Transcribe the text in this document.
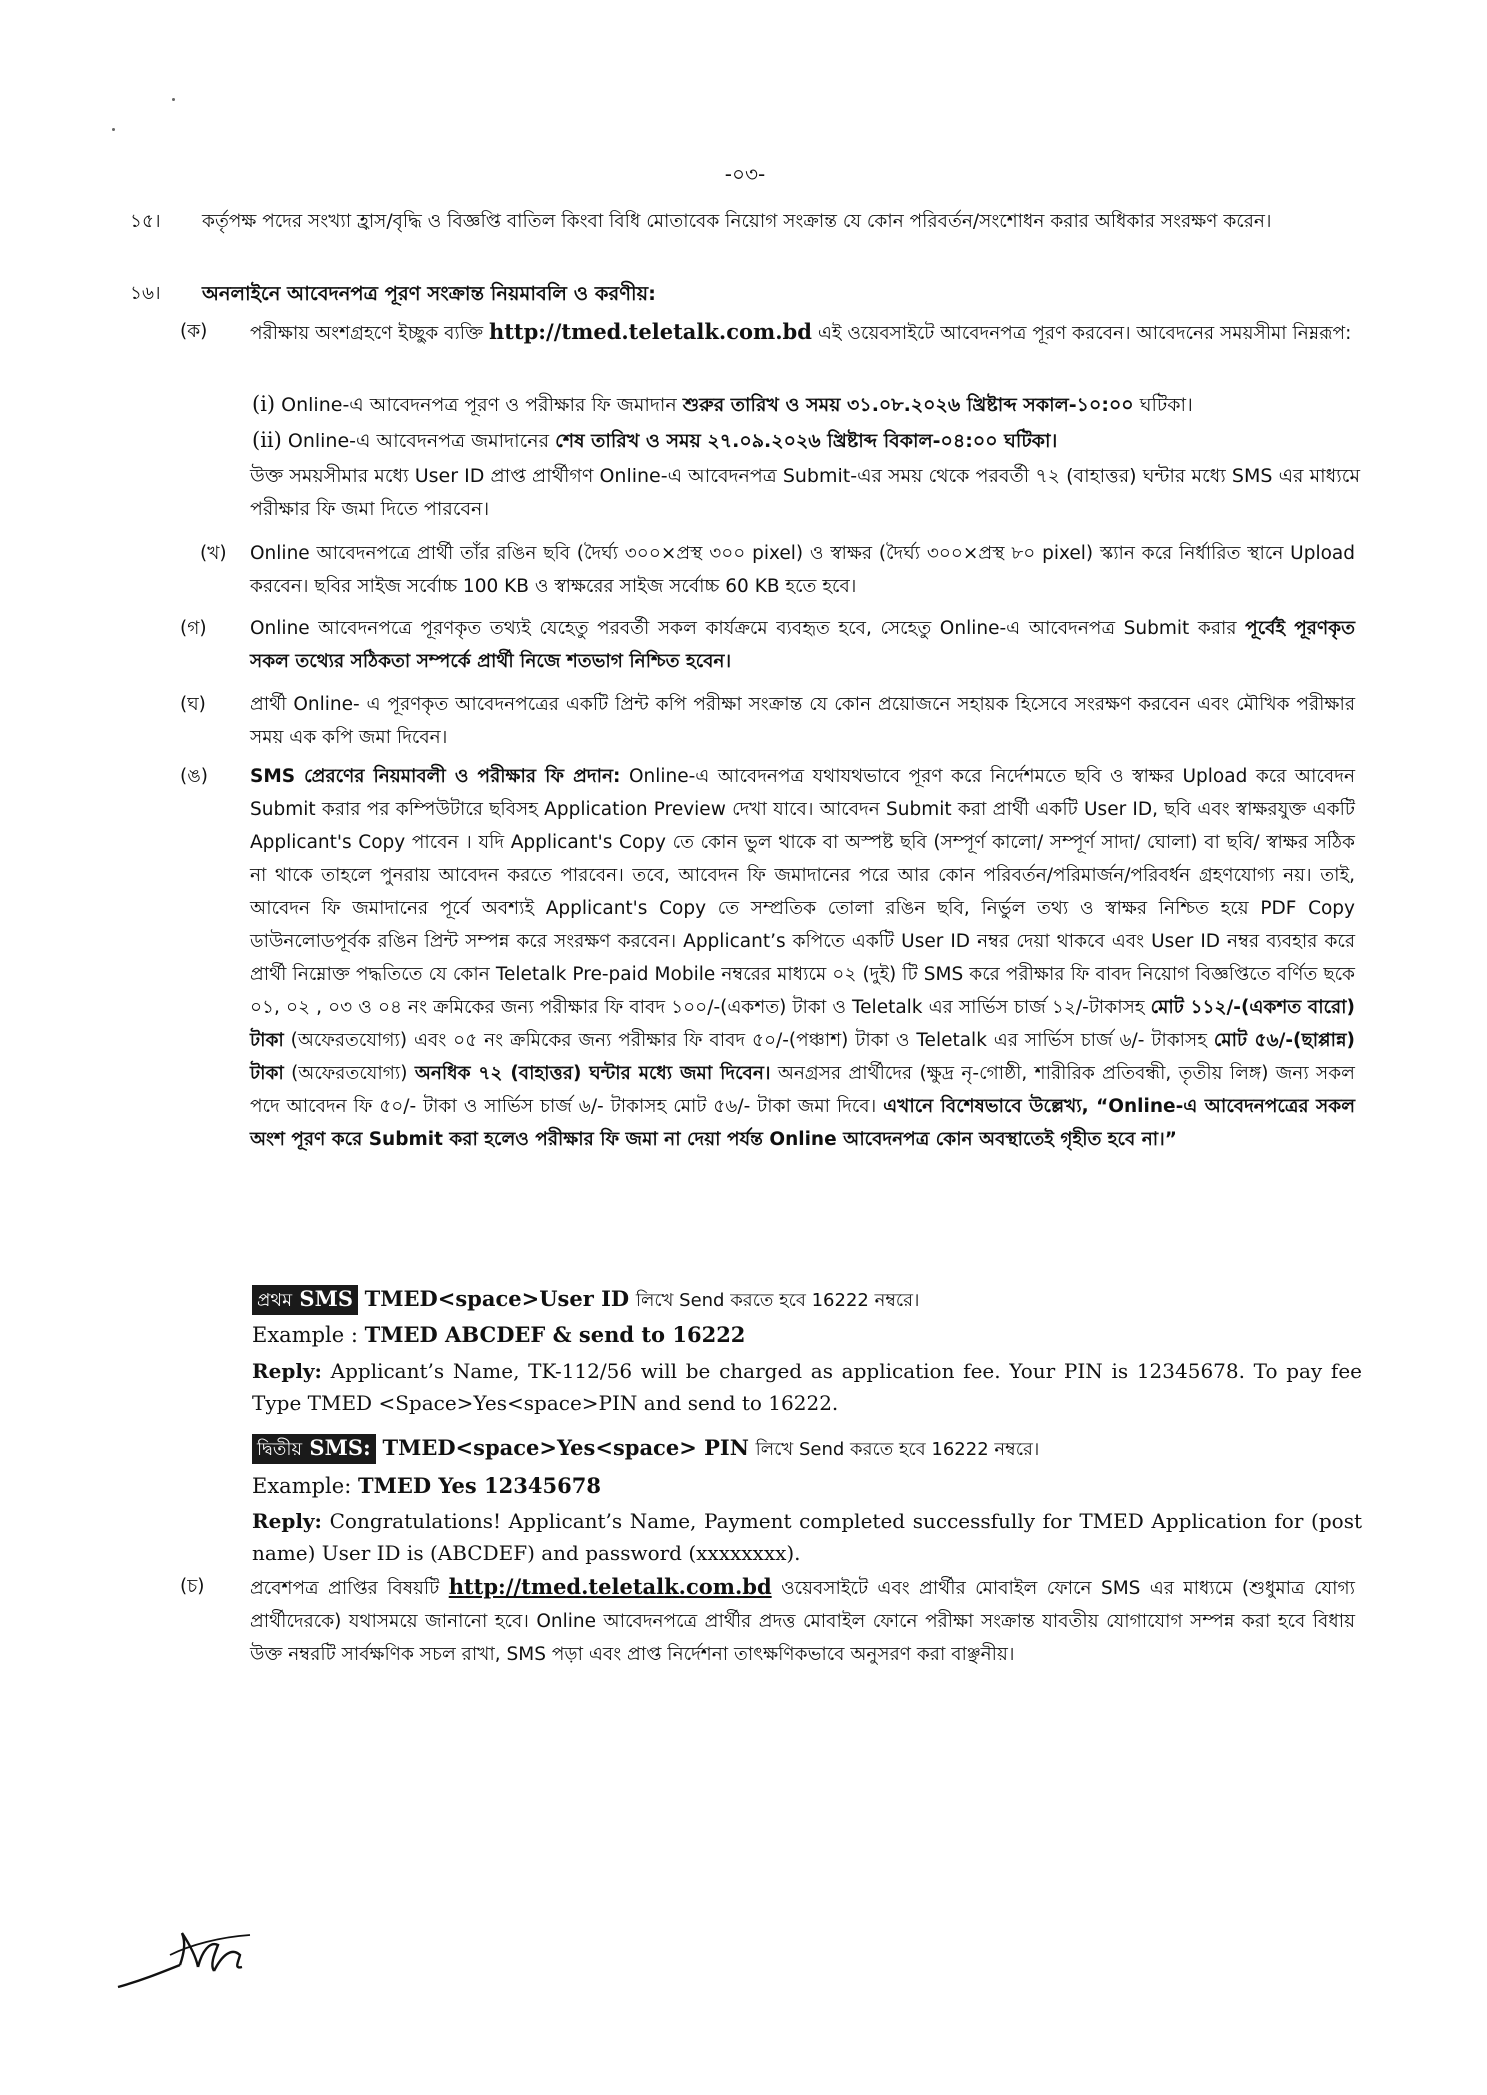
-০৩-
১৫।	কর্তৃপক্ষ পদের সংখ্যা হ্রাস/বৃদ্ধি ও বিজ্ঞপ্তি বাতিল কিংবা বিধি মোতাবেক নিয়োগ সংক্রান্ত যে কোন পরিবর্তন/সংশোধন করার অধিকার সংরক্ষণ করেন।
১৬।	অনলাইনে আবেদনপত্র পূরণ সংক্রান্ত নিয়মাবলি ও করণীয়:
(ক)	পরীক্ষায় অংশগ্রহণে ইচ্ছুক ব্যক্তি http://tmed.teletalk.com.bd এই ওয়েবসাইটে আবেদনপত্র পূরণ করবেন। আবেদনের সময়সীমা নিম্নরূপ:
(i) Online-এ আবেদনপত্র পূরণ ও পরীক্ষার ফি জমাদান শুরুর তারিখ ও সময় ৩১.০৮.২০২৬ খ্রিষ্টাব্দ সকাল-১০:০০ ঘটিকা।
(ii) Online-এ আবেদনপত্র জমাদানের শেষ তারিখ ও সময় ২৭.০৯.২০২৬ খ্রিষ্টাব্দ বিকাল-০৪:০০ ঘটিকা।
উক্ত সময়সীমার মধ্যে User ID প্রাপ্ত প্রার্থীগণ Online-এ আবেদনপত্র Submit-এর সময় থেকে পরবর্তী ৭২ (বাহাত্তর) ঘন্টার মধ্যে SMS এর মাধ্যমে পরীক্ষার ফি জমা দিতে পারবেন।
(খ)	Online আবেদনপত্রে প্রার্থী তাঁর রঙিন ছবি (দৈর্ঘ্য ৩০০×প্রস্থ ৩০০ pixel) ও স্বাক্ষর (দৈর্ঘ্য ৩০০×প্রস্থ ৮০ pixel) স্ক্যান করে নির্ধারিত স্থানে Upload করবেন। ছবির সাইজ সর্বোচ্চ 100 KB ও স্বাক্ষরের সাইজ সর্বোচ্চ 60 KB হতে হবে।
(গ)	Online আবেদনপত্রে পূরণকৃত তথ্যই যেহেতু পরবর্তী সকল কার্যক্রমে ব্যবহৃত হবে, সেহেতু Online-এ আবেদনপত্র Submit করার পূর্বেই পূরণকৃত সকল তথ্যের সঠিকতা সম্পর্কে প্রার্থী নিজে শতভাগ নিশ্চিত হবেন।
(ঘ)	প্রার্থী Online- এ পূরণকৃত আবেদনপত্রের একটি প্রিন্ট কপি পরীক্ষা সংক্রান্ত যে কোন প্রয়োজনে সহায়ক হিসেবে সংরক্ষণ করবেন এবং মৌখিক পরীক্ষার সময় এক কপি জমা দিবেন।
(ঙ)	SMS প্রেরণের নিয়মাবলী ও পরীক্ষার ফি প্রদান: Online-এ আবেদনপত্র যথাযথভাবে পূরণ করে নির্দেশমতে ছবি ও স্বাক্ষর Upload করে আবেদন Submit করার পর কম্পিউটারে ছবিসহ Application Preview দেখা যাবে। আবেদন Submit করা প্রার্থী একটি User ID, ছবি এবং স্বাক্ষরযুক্ত একটি Applicant's Copy পাবেন । যদি Applicant's Copy তে কোন ভুল থাকে বা অস্পষ্ট ছবি (সম্পূর্ণ কালো/ সম্পূর্ণ সাদা/ ঘোলা) বা ছবি/ স্বাক্ষর সঠিক না থাকে তাহলে পুনরায় আবেদন করতে পারবেন। তবে, আবেদন ফি জমাদানের পরে আর কোন পরিবর্তন/পরিমার্জন/পরিবর্ধন গ্রহণযোগ্য নয়। তাই, আবেদন ফি জমাদানের পূর্বে অবশ্যই Applicant's Copy তে সম্প্রতিক তোলা রঙিন ছবি, নির্ভুল তথ্য ও স্বাক্ষর নিশ্চিত হয়ে PDF Copy ডাউনলোডপূর্বক রঙিন প্রিন্ট সম্পন্ন করে সংরক্ষণ করবেন। Applicant’s কপিতে একটি User ID নম্বর দেয়া থাকবে এবং User ID নম্বর ব্যবহার করে প্রার্থী নিম্নোক্ত পদ্ধতিতে যে কোন Teletalk Pre-paid Mobile নম্বরের মাধ্যমে ০২ (দুই) টি SMS করে পরীক্ষার ফি বাবদ নিয়োগ বিজ্ঞপ্তিতে বর্ণিত ছকে ০১, ০২ , ০৩ ও ০৪ নং ক্রমিকের জন্য পরীক্ষার ফি বাবদ ১০০/-(একশত) টাকা ও Teletalk এর সার্ভিস চার্জ ১২/-টাকাসহ মোট ১১২/-(একশত বারো) টাকা (অফেরতযোগ্য) এবং ০৫ নং ক্রমিকের জন্য পরীক্ষার ফি বাবদ ৫০/-(পঞ্চাশ) টাকা ও Teletalk এর সার্ভিস চার্জ ৬/- টাকাসহ মোট ৫৬/-(ছাপ্পান্ন) টাকা (অফেরতযোগ্য) অনধিক ৭২ (বাহাত্তর) ঘন্টার মধ্যে জমা দিবেন। অনগ্রসর প্রার্থীদের (ক্ষুদ্র নৃ-গোষ্ঠী, শারীরিক প্রতিবন্ধী, তৃতীয় লিঙ্গ) জন্য সকল পদে আবেদন ফি ৫০/- টাকা ও সার্ভিস চার্জ ৬/- টাকাসহ মোট ৫৬/- টাকা জমা দিবে। এখানে বিশেষভাবে উল্লেখ্য, “Online-এ আবেদনপত্রের সকল অংশ পূরণ করে Submit করা হলেও পরীক্ষার ফি জমা না দেয়া পর্যন্ত Online আবেদনপত্র কোন অবস্থাতেই গৃহীত হবে না।”
প্রথম SMS TMED<space>User ID লিখে Send করতে হবে 16222 নম্বরে।
Example : TMED ABCDEF & send to 16222
Reply: Applicant’s Name, TK-112/56 will be charged as application fee. Your PIN is 12345678. To pay fee Type TMED <Space>Yes<space>PIN and send to 16222.
দ্বিতীয় SMS: TMED<space>Yes<space> PIN লিখে Send করতে হবে 16222 নম্বরে।
Example: TMED Yes 12345678
Reply: Congratulations! Applicant’s Name, Payment completed successfully for TMED Application for (post name) User ID is (ABCDEF) and password (xxxxxxxx).
(চ)	প্রবেশপত্র প্রাপ্তির বিষয়টি http://tmed.teletalk.com.bd ওয়েবসাইটে এবং প্রার্থীর মোবাইল ফোনে SMS এর মাধ্যমে (শুধুমাত্র যোগ্য প্রার্থীদেরকে) যথাসময়ে জানানো হবে। Online আবেদনপত্রে প্রার্থীর প্রদত্ত মোবাইল ফোনে পরীক্ষা সংক্রান্ত যাবতীয় যোগাযোগ সম্পন্ন করা হবে বিধায় উক্ত নম্বরটি সার্বক্ষণিক সচল রাখা, SMS পড়া এবং প্রাপ্ত নির্দেশনা তাৎক্ষণিকভাবে অনুসরণ করা বাঞ্ছনীয়।
